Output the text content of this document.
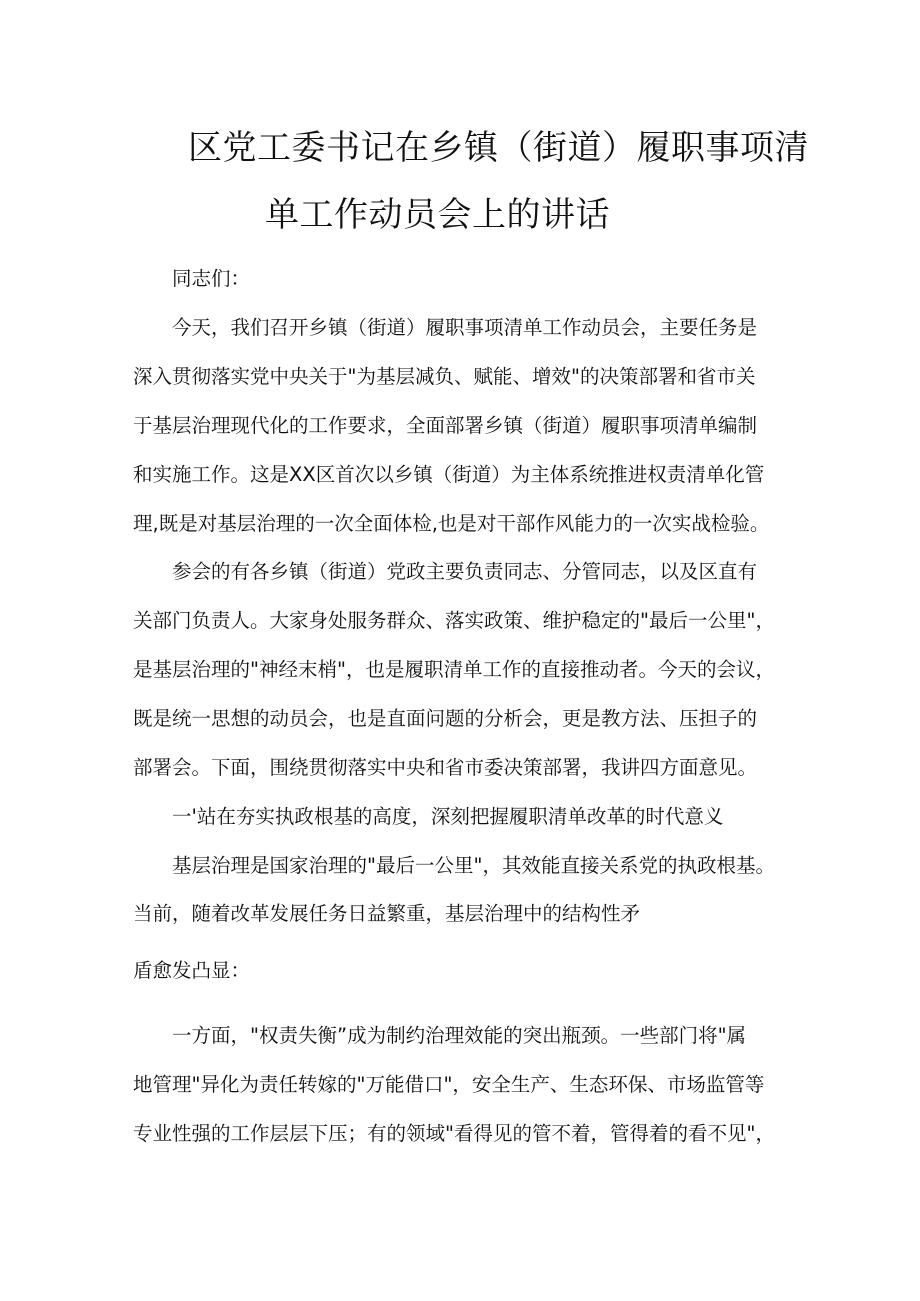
区党工委书记在乡镇（街道）履职事项清
单工作动员会上的讲话
同志们：
今天，我们召开乡镇（街道）履职事项清单工作动员会，主要任务是
深入贯彻落实党中央关于"为基层减负、赋能、增效"的决策部署和省市关
于基层治理现代化的工作要求，全面部署乡镇（街道）履职事项清单编制
和实施工作。这是XX区首次以乡镇（街道）为主体系统推进权责清单化管
理,既是对基层治理的一次全面体检,也是对干部作风能力的一次实战检验。
参会的有各乡镇（街道）党政主要负责同志、分管同志，以及区直有
关部门负责人。大家身处服务群众、落实政策、维护稳定的"最后一公里"，
是基层治理的"神经末梢"，也是履职清单工作的直接推动者。今天的会议，
既是统一思想的动员会，也是直面问题的分析会，更是教方法、压担子的
部署会。下面，围绕贯彻落实中央和省市委决策部署，我讲四方面意见。
一'站在夯实执政根基的高度，深刻把握履职清单改革的时代意义
基层治理是国家治理的"最后一公里"，其效能直接关系党的执政根基。
当前，随着改革发展任务日益繁重，基层治理中的结构性矛
盾愈发凸显：
一方面，"权责失衡”成为制约治理效能的突出瓶颈。一些部门将"属
地管理"异化为责任转嫁的"万能借口"，安全生产、生态环保、市场监管等
专业性强的工作层层下压；有的领域"看得见的管不着，管得着的看不见"，
